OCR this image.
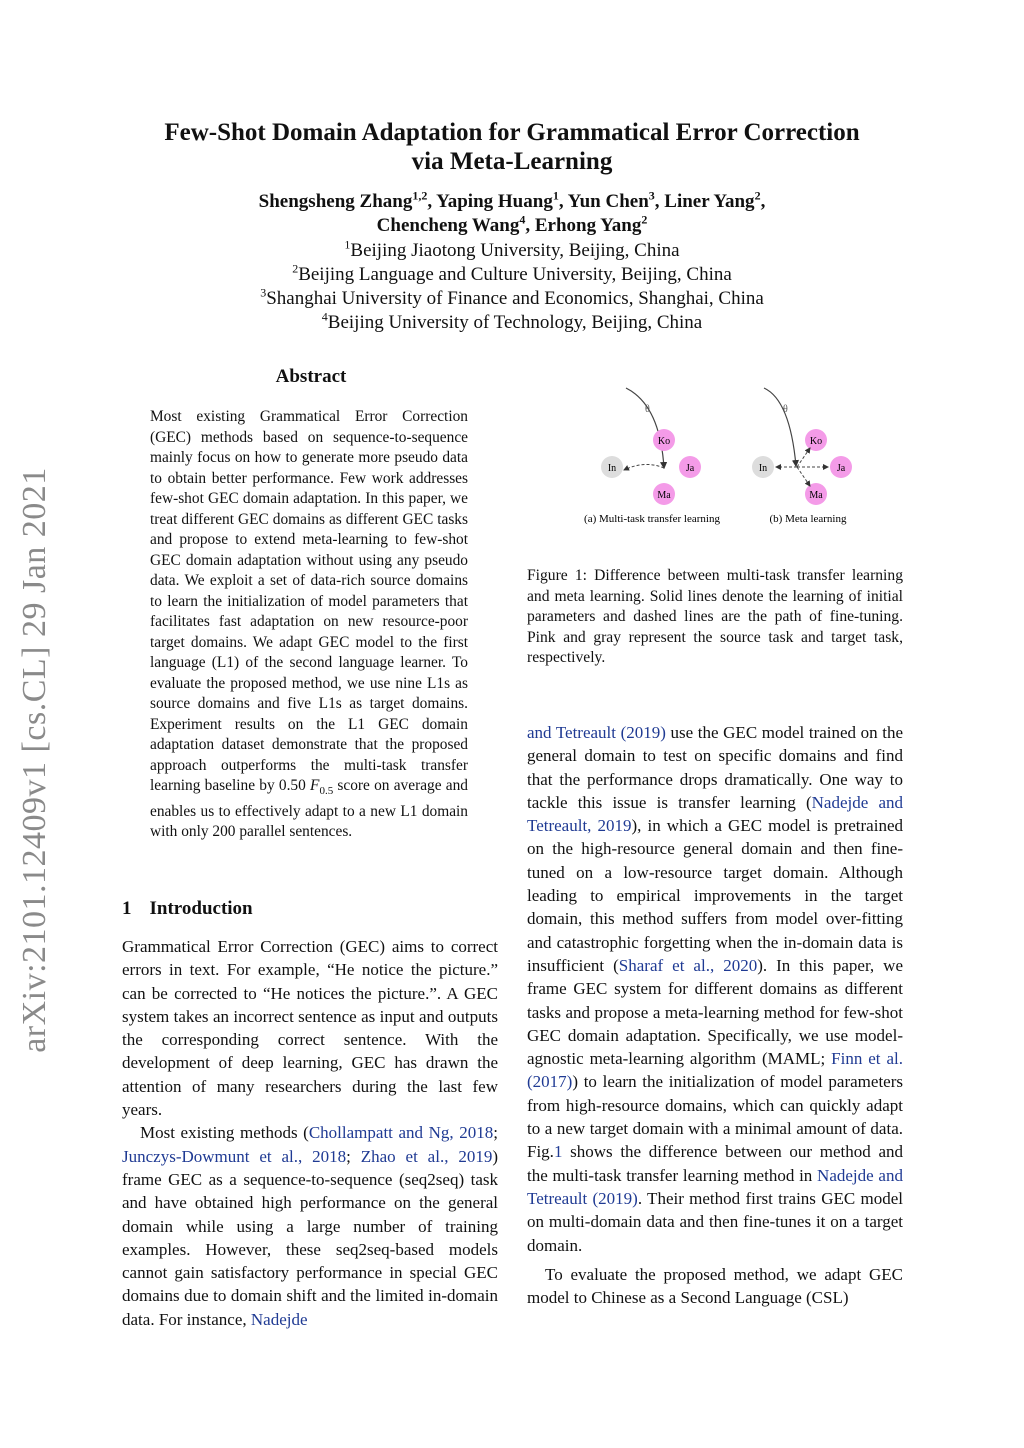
arXiv:2101.12409v1 [cs.CL] 29 Jan 2021
Few-Shot Domain Adaptation for Grammatical Error Correction
via Meta-Learning
Shengsheng Zhang$^{1,2}$, Yaping Huang$^1$, Yun Chen$^3$, Liner Yang$^2$,
Chencheng Wang$^4$, Erhong Yang$^2$
$^1$Beijing Jiaotong University, Beijing, China
$^2$Beijing Language and Culture University, Beijing, China
$^3$Shanghai University of Finance and Economics, Shanghai, China
$^4$Beijing University of Technology, Beijing, China
Abstract
Most existing Grammatical Error Correction (GEC) methods based on sequence-to-sequence mainly focus on how to generate more pseudo data to obtain better performance. Few work addresses few-shot GEC domain adaptation. In this paper, we treat different GEC domains as different GEC tasks and propose to extend meta-learning to few-shot GEC domain adaptation without using any pseudo data. We exploit a set of data-rich source domains to learn the initialization of model parameters that facilitates fast adaptation on new resource-poor target domains. We adapt GEC model to the first language (L1) of the second language learner. To evaluate the proposed method, we use nine L1s as source domains and five L1s as target domains. Experiment results on the L1 GEC domain adaptation dataset demonstrate that the proposed approach outperforms the multi-task transfer learning baseline by 0.50 $F_{0.5}$ score on average and enables us to effectively adapt to a new L1 domain with only 200 parallel sentences.
1 Introduction

Grammatical Error Correction (GEC) aims to correct errors in text. For example, “He notice the picture.” can be corrected to “He notices the picture.”. A GEC system takes an incorrect sentence as input and outputs the corresponding correct sentence. With the development of deep learning, GEC has drawn the attention of many researchers during the last few years.

Most existing methods (Chollampatt and Ng, 2018; Junczys-Dowmunt et al., 2018; Zhao et al., 2019) frame GEC as a sequence-to-sequence (seq2seq) task and have obtained high performance on the general domain while using a large number of training examples. However, these seq2seq-based models cannot gain satisfactory performance in special GEC domains due to domain shift and the limited in-domain data. For instance, Nadejde

θ
Ko
Ja
Ma
In
(a) Multi-task transfer learning
θ
Ko
Ja
Ma
In
(b) Meta learning
Figure 1: Difference between multi-task transfer learning and meta learning. Solid lines denote the learning of initial parameters and dashed lines are the path of fine-tuning. Pink and gray represent the source task and target task, respectively.

and Tetreault (2019) use the GEC model trained on the general domain to test on specific domains and find that the performance drops dramatically. One way to tackle this issue is transfer learning (Nadejde and Tetreault, 2019), in which a GEC model is pretrained on the high-resource general domain and then fine-tuned on a low-resource target domain. Although leading to empirical improvements in the target domain, this method suffers from model over-fitting and catastrophic forgetting when the in-domain data is insufficient (Sharaf et al., 2020). In this paper, we frame GEC system for different domains as different tasks and propose a meta-learning method for few-shot GEC domain adaptation. Specifically, we use model-agnostic meta-learning algorithm (MAML; Finn et al. (2017)) to learn the initialization of model parameters from high-resource domains, which can quickly adapt to a new target domain with a minimal amount of data. Fig.1 shows the difference between our method and the multi-task transfer learning method in Nadejde and Tetreault (2019). Their method first trains GEC model on multi-domain data and then fine-tunes it on a target domain.

To evaluate the proposed method, we adapt GEC model to Chinese as a Second Language (CSL)
